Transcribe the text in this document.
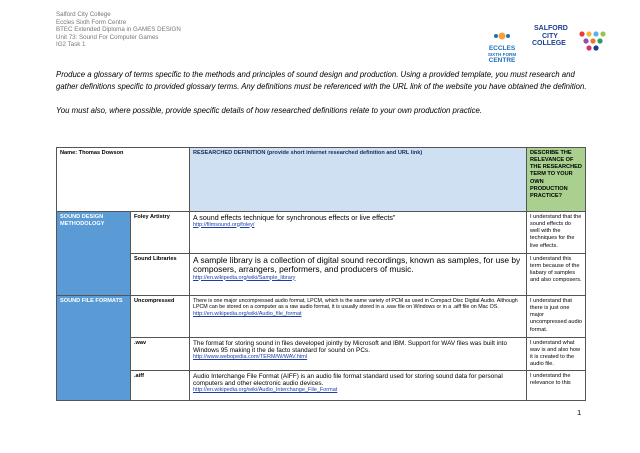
Salford City College
Eccles Sixth Form Centre
BTEC Extended Diploma in GAMES DESIGN
Unit 73: Sound For Computer Games
IG2 Task 1
ECCLES
SIXTH FORM
CENTRE
SALFORD
CITY
COLLEGE

Produce a glossary of terms specific to the methods and principles of sound design and production. Using a provided template, you must research and gather definitions specific to provided glossary terms. Any definitions must be referenced with the URL link of the website you have obtained the definition.

You must also, where possible, provide specific details of how researched definitions relate to your own production practice.

Name: Thomas Dowson		RESEARCHED DEFINITION (provide short internet researched definition and URL link)	DESCRIBE THE RELEVANCE OF THE RESEARCHED TERM TO YOUR OWN PRODUCTION PRACTICE?
SOUND DESIGN METHODOLOGY	Foley Artistry	A sound effects technique for synchronous effects or live effects"
http://filmsound.org/foley/	I understand that the sound effects do well with the techniques for the live effects.
	Sound Libraries	A sample library is a collection of digital sound recordings, known as samples, for use by composers, arrangers, performers, and producers of music.
http://en.wikipedia.org/wiki/Sample_library	I understand this term because of the liabary of samples and also composers.
SOUND FILE FORMATS	Uncompressed	There is one major uncompressed audio format, LPCM, which is the same variety of PCM as used in Compact Disc Digital Audio. Although LPCM can be stored on a computer as a raw audio format, it is usually stored in a .wav file on Windows or in a .aiff file on Mac OS.
http://en.wikipedia.org/wiki/Audio_file_format	I understand that there is just one major uncompressed audio format.
	.wav	The format for storing sound in files developed jointly by Microsoft and IBM. Support for WAV files was built into Windows 95 making it the de facto standard for sound on PCs.
http://www.webopedia.com/TERM/W/WAV.html	I understand what wav is and also how it is created to the audio file.
	.aiff	Audio Interchange File Format (AIFF) is an audio file format standard used for storing sound data for personal computers and other electronic audio devices.
http://en.wikipedia.org/wiki/Audio_Interchange_File_Format	I understand the relevance to this
1
